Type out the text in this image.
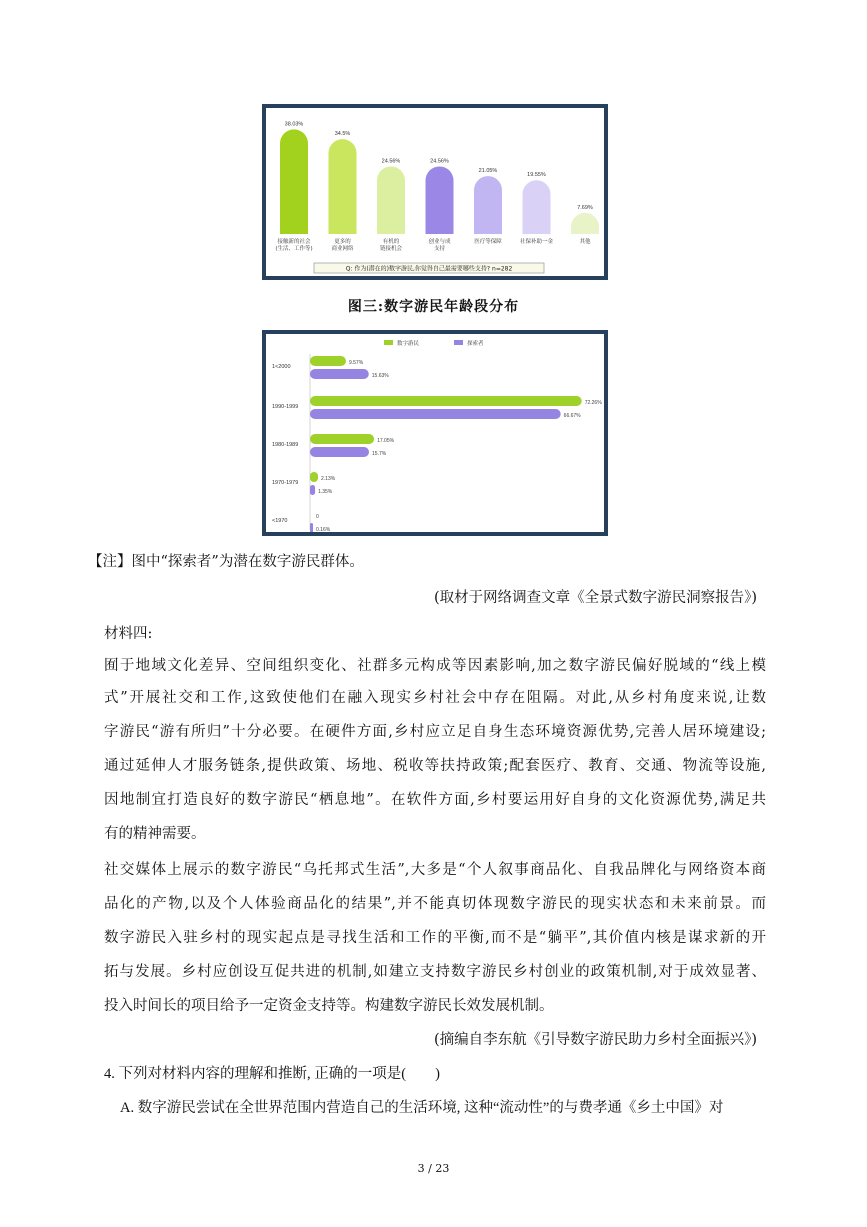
38.03%
接触新的社会
(生活、工作等)
34.5%
更多的
商业网络
24.56%
有机的
链接机会
24.56%
创业与成
支持
21.05%
医疗等保障
19.55%
社保补助一金
7.69%
其他
Q: 作为(潜在的)数字游民,你觉得自己最需要哪些支持? n=282
图三:数字游民年龄段分布
数字游民	探索者
1<2000
9.57%
15.63%
1990-1999
72.26%
66.67%
1980-1989
17.05%
15.7%
1970-1979
2.13%
1.35%
<1970
0
0.16%
【注】图中“探索者”为潜在数字游民群体。
(取材于网络调查文章《全景式数字游民洞察报告》)
材料四:
囿于地域文化差异、空间组织变化、社群多元构成等因素影响,加之数字游民偏好脱域的“线上模
式”开展社交和工作,这致使他们在融入现实乡村社会中存在阻隔。对此,从乡村角度来说,让数
字游民“游有所归”十分必要。在硬件方面,乡村应立足自身生态环境资源优势,完善人居环境建设;
通过延伸人才服务链条,提供政策、场地、税收等扶持政策;配套医疗、教育、交通、物流等设施,
因地制宜打造良好的数字游民“栖息地”。在软件方面,乡村要运用好自身的文化资源优势,满足共
有的精神需要。
社交媒体上展示的数字游民“乌托邦式生活”,大多是“个人叙事商品化、自我品牌化与网络资本商
品化的产物,以及个人体验商品化的结果”,并不能真切体现数字游民的现实状态和未来前景。而
数字游民入驻乡村的现实起点是寻找生活和工作的平衡,而不是“躺平”,其价值内核是谋求新的开
拓与发展。乡村应创设互促共进的机制,如建立支持数字游民乡村创业的政策机制,对于成效显著、
投入时间长的项目给予一定资金支持等。构建数字游民长效发展机制。
(摘编自李东航《引导数字游民助力乡村全面振兴》)
4. 下列对材料内容的理解和推断, 正确的一项是(　　)
A. 数字游民尝试在全世界范围内营造自己的生活环境, 这种“流动性”的与费孝通《乡土中国》对
3 / 23
